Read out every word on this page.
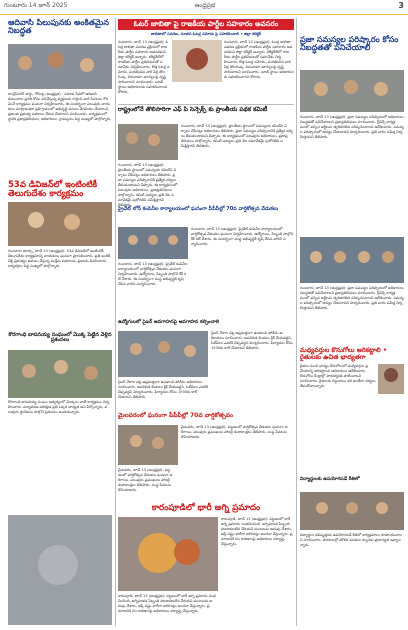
గుంటూరు 14 జూన్ 2025	ఆంధ్రప్రభ	3
ఆదివాసి పిలుపునకు అంకితమైన నిబద్ధత
కాంగ్రెస్‌నగర్ వార్డు, గోరంట్ల (ఆంధ్రప్రభ) : సమాజ సేవలో ఆదివాసి కుటుంబాల ప్రగతి కోసం పనిచేస్తున్న వ్యక్తులను గుర్తించి వారి సేవలను గౌరవించే కార్యక్రమం ఘనంగా నిర్వహించారు. ఈ సందర్భంగా పలువురు నాయకులు మాట్లాడుతూ ప్రతి గ్రామంలో అభివృద్ధి పనులు వేగవంతం చేయాలని, ప్రజలకు ప్రభుత్వ పథకాలు చేరువ చేయాలని సూచించారు. కార్యక్రమంలో స్థానిక ప్రజాప్రతినిధులు, అధికారులు, గ్రామస్తులు పెద్ద సంఖ్యలో పాల్గొన్నారు.
53వ డివిజన్‌లో ఇంటింటికీ తెలుగుదేశం కార్యక్రమం
గుంటూరు తూర్పు, జూన్ 13 (ఆంధ్రప్రభ): 53వ డివిజన్‌లో ఇంటింటికీ తెలుగుదేశం కార్యక్రమాన్ని నాయకులు ఘనంగా ప్రారంభించారు. ప్రతి ఇంటికి వెళ్లి ప్రభుత్వం అమలు చేస్తున్న సంక్షేమ పథకాలను ప్రజలకు వివరించారు. కార్యకర్తలు పెద్ద సంఖ్యలో పాల్గొన్నారు.
కొరగాంధి బాపనయ్య సంఘంలో మొక్క పెట్టిన వెళ్లిన ప్రశంసలు
కొరగాంధి బాపనయ్య సంఘం ఆధ్వర్యంలో మొక్కలు నాటే కార్యక్రమం నిర్వహించారు. పర్యావరణ పరిరక్షణ ప్రతి ఒక్కరి బాధ్యత అని పేర్కొన్నారు. పలువురు స్థానికులు పాల్గొని ప్రశంసలు అందుకున్నారు.
ఓటర్ జాబితా పై రాజకీయ పార్టీల సహకారం అవసరం
జాబితాలో సవరణ, నూతన ఓటర్ల నమోదు పై సహకరించాలి • జిల్లా కలెక్టర్
గుంటూరు, జూన్ 13 (ఆంధ్రప్రభ): ఓటర్ల జాబితా సవరణ ప్రక్రియలో రాజకీయ పార్టీల సహకారం అవసరమని జిల్లా కలెక్టర్ అన్నారు. కలెక్టరేట్‌లో రాజకీయ పార్టీల ప్రతినిధులతో సమావేశం నిర్వహించారు. కొత్త ఓటర్ల నమోదు, మరణించిన వారి పేర్ల తొలగింపు, చిరునామా మార్పులపై దృష్టి సారించాలని సూచించారు. బూత్ స్థాయి అధికారులకు సహకరించాలని కోరారు.
గుంటూరు, జూన్ 13 (ఆంధ్రప్రభ): ఓటర్ల జాబితా సవరణ ప్రక్రియలో రాజకీయ పార్టీల సహకారం అవసరమని జిల్లా కలెక్టర్ అన్నారు. కలెక్టరేట్‌లో రాజకీయ పార్టీల ప్రతినిధులతో సమావేశం నిర్వహించారు. కొత్త ఓటర్ల నమోదు, మరణించిన వారి పేర్ల తొలగింపు, చిరునామా మార్పులపై దృష్టి సారించాలని సూచించారు. బూత్ స్థాయి అధికారులకు సహకరించాలని కోరారు.
రాష్ట్రంలోనే తొలిసారిగా ఎఫ్ పి సెన్సెక్స్ కు ప్రాంతీయ పథక కమిటీ
గుంటూరు, జూన్ 13 (ఆంధ్రప్రభ): ప్రాంతీయ స్థాయిలో సమన్వయ కమిటీని ఏర్పాటు చేసినట్లు అధికారులు తెలిపారు. ప్రజా సమస్యల పరిష్కారానికి ప్రత్యేక చర్యలు తీసుకుంటామని చెప్పారు. ఈ కార్యక్రమంలో పలువురు అధికారులు, ప్రజాప్రతినిధులు పాల్గొన్నారు. కమిటీ సభ్యులు ప్రతి నెల సమావేశమై పురోగతిని సమీక్షిస్తారని తెలిపారు.
గుంటూరు, జూన్ 13 (ఆంధ్రప్రభ): ప్రాంతీయ స్థాయిలో సమన్వయ కమిటీని ఏర్పాటు చేసినట్లు అధికారులు తెలిపారు. ప్రజా సమస్యల పరిష్కారానికి ప్రత్యేక చర్యలు తీసుకుంటామని చెప్పారు. ఈ కార్యక్రమంలో పలువురు అధికారులు, ప్రజాప్రతినిధులు పాల్గొన్నారు. కమిటీ సభ్యులు ప్రతి నెల సమావేశమై పురోగతిని సమీక్షిస్తారని తెలిపారు.
ప్రైవేట్ లోన్ కంపెనీల కార్యాలయంలో ఘనంగా పీపీపీ‌ల్లో 70వ వార్షికోత్సవ వేడుకలు
గుంటూరు, జూన్ 13 (ఆంధ్రప్రభ): ప్రైవేట్ కంపెనీల కార్యాలయంలో వార్షికోత్సవ వేడుకలు ఘనంగా నిర్వహించారు. ఉద్యోగులు, సిబ్బంది పాల్గొని కేక్ కట్ చేశారు. ఈ సందర్భంగా సంస్థ అభివృద్ధికి కృషి చేసిన వారిని సన్మానించారు.
గుంటూరు, జూన్ 13 (ఆంధ్రప్రభ): ప్రైవేట్ కంపెనీల కార్యాలయంలో వార్షికోత్సవ వేడుకలు ఘనంగా నిర్వహించారు. ఉద్యోగులు, సిబ్బంది పాల్గొని కేక్ కట్ చేశారు. ఈ సందర్భంగా సంస్థ అభివృద్ధికి కృషి చేసిన వారిని సన్మానించారు.
ఉద్యోగులలో సైబర్ అవగాహనపై అవగాహన కల్పించాలి
సైబర్ నేరాల పట్ల అప్రమత్తంగా ఉండాలని పోలీసు అధికారులు సూచించారు. అపరిచిత లింకులు క్లిక్ చేయవద్దని, ఓటీపీలు ఎవరికీ చెప్పవద్దని హెచ్చరించారు. ఫిర్యాదుల కోసం 1930కు కాల్ చేయాలని తెలిపారు.
సైబర్ నేరాల పట్ల అప్రమత్తంగా ఉండాలని పోలీసు అధికారులు సూచించారు. అపరిచిత లింకులు క్లిక్ చేయవద్దని, ఓటీపీలు ఎవరికీ చెప్పవద్దని హెచ్చరించారు. ఫిర్యాదుల కోసం 1930కు కాల్ చేయాలని తెలిపారు.
మైలవరంలో ఘనంగా పీపీపీ‌ల్లో 70వ వార్షికోత్సవం
మైలవరం, జూన్ 13 (ఆంధ్రప్రభ): పట్టణంలో వార్షికోత్సవ వేడుకలు ఘనంగా జరిగాయి. పలువురు ప్రముఖులు హాజరై శుభాకాంక్షలు తెలిపారు. సంస్థ సేవలను కొనియాడారు.
మైలవరం, జూన్ 13 (ఆంధ్రప్రభ): పట్టణంలో వార్షికోత్సవ వేడుకలు ఘనంగా జరిగాయి. పలువురు ప్రముఖులు హాజరై శుభాకాంక్షలు తెలిపారు. సంస్థ సేవలను కొనియాడారు.
కారంపూడిలో భారీ అగ్ని ప్రమాదం
కారంపూడి, జూన్ 13 (ఆంధ్రప్రభ): పట్టణంలో భారీ అగ్ని ప్రమాదం సంభవించింది. అగ్నిమాపక సిబ్బంది హుటాహుటిన చేరుకుని మంటలను అదుపు చేశారు. ఆస్తి నష్టం భారీగా జరిగినట్లు అంచనా వేస్తున్నారు. ప్రమాదానికి గల కారణాలపై అధికారులు దర్యాప్తు చేస్తున్నారు.
కారంపూడి, జూన్ 13 (ఆంధ్రప్రభ): పట్టణంలో భారీ అగ్ని ప్రమాదం సంభవించింది. అగ్నిమాపక సిబ్బంది హుటాహుటిన చేరుకుని మంటలను అదుపు చేశారు. ఆస్తి నష్టం భారీగా జరిగినట్లు అంచనా వేస్తున్నారు. ప్రమాదానికి గల కారణాలపై అధికారులు దర్యాప్తు చేస్తున్నారు.
ప్రజా సమస్యల పరిష్కారం కోసం నిబద్ధతతో పనిచేయాలి
గుంటూరు, జూన్ 13 (ఆంధ్రప్రభ): ప్రజా సమస్యల పరిష్కారంలో అధికారులు నిబద్ధతతో పనిచేయాలని ప్రజాప్రతినిధులు సూచించారు. గ్రీవెన్స్ కార్యక్రమంలో వచ్చిన అర్జీలను త్వరితగతిన పరిష్కరించాలని ఆదేశించారు. సమస్యల పరిష్కారంలో జాప్యం చేయరాదని హెచ్చరించారు. ప్రతి వారం సమీక్ష నిర్వహిస్తామని తెలిపారు.
గుంటూరు, జూన్ 13 (ఆంధ్రప్రభ): ప్రజా సమస్యల పరిష్కారంలో అధికారులు నిబద్ధతతో పనిచేయాలని ప్రజాప్రతినిధులు సూచించారు. గ్రీవెన్స్ కార్యక్రమంలో వచ్చిన అర్జీలను త్వరితగతిన పరిష్కరించాలని ఆదేశించారు. సమస్యల పరిష్కారంలో జాప్యం చేయరాదని హెచ్చరించారు. ప్రతి వారం సమీక్ష నిర్వహిస్తామని తెలిపారు.
మధ్యవర్తుల కొనుగోలు అరికట్టాలి • రైతులకు ఉచిత భాద్యతగా
రైతుల నుంచి ధాన్యం కొనుగోలులో మధ్యవర్తుల ప్రమేయాన్ని అరికట్టాలని అధికారులు ఆదేశించారు. కొనుగోలు కేంద్రాల్లో పారదర్శకత పాటించాలని సూచించారు. రైతులకు గిట్టుబాటు ధర అందేలా చర్యలు తీసుకోవాలన్నారు.
విద్యార్థులకు ఉపయోగపడే రీతిలో
విద్యార్థుల భవిష్యత్తుకు ఉపయోగపడే రీతిలో కార్యక్రమాలు రూపొందించాలని సూచించారు. పాఠశాలల్లో మౌలిక వసతుల కల్పనకు ప్రాధాన్యత ఇవ్వాలన్నారు.
